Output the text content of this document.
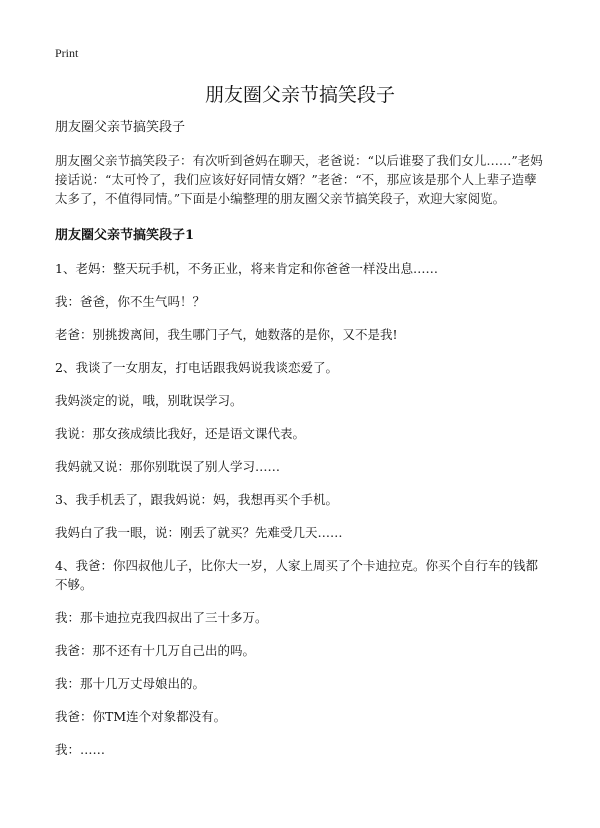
Print
朋友圈父亲节搞笑段子

朋友圈父亲节搞笑段子

朋友圈父亲节搞笑段子：有次听到爸妈在聊天，老爸说：“以后谁娶了我们女儿……”老妈接话说：“太可怜了，我们应该好好同情女婿？”老爸：“不，那应该是那个人上辈子造孽太多了，不值得同情。”下面是小编整理的朋友圈父亲节搞笑段子，欢迎大家阅览。

朋友圈父亲节搞笑段子1

1、老妈：整天玩手机，不务正业，将来肯定和你爸爸一样没出息……

我：爸爸，你不生气吗！？

老爸：别挑拨离间，我生哪门子气，她数落的是你，又不是我!

2、我谈了一女朋友，打电话跟我妈说我谈恋爱了。

我妈淡定的说，哦，别耽误学习。

我说：那女孩成绩比我好，还是语文课代表。

我妈就又说：那你别耽误了别人学习……

3、我手机丢了，跟我妈说：妈，我想再买个手机。

我妈白了我一眼，说：刚丢了就买？先难受几天……

4、我爸：你四叔他儿子，比你大一岁，人家上周买了个卡迪拉克。你买个自行车的钱都不够。

我：那卡迪拉克我四叔出了三十多万。

我爸：那不还有十几万自己出的吗。

我：那十几万丈母娘出的。

我爸：你TM连个对象都没有。

我：……
